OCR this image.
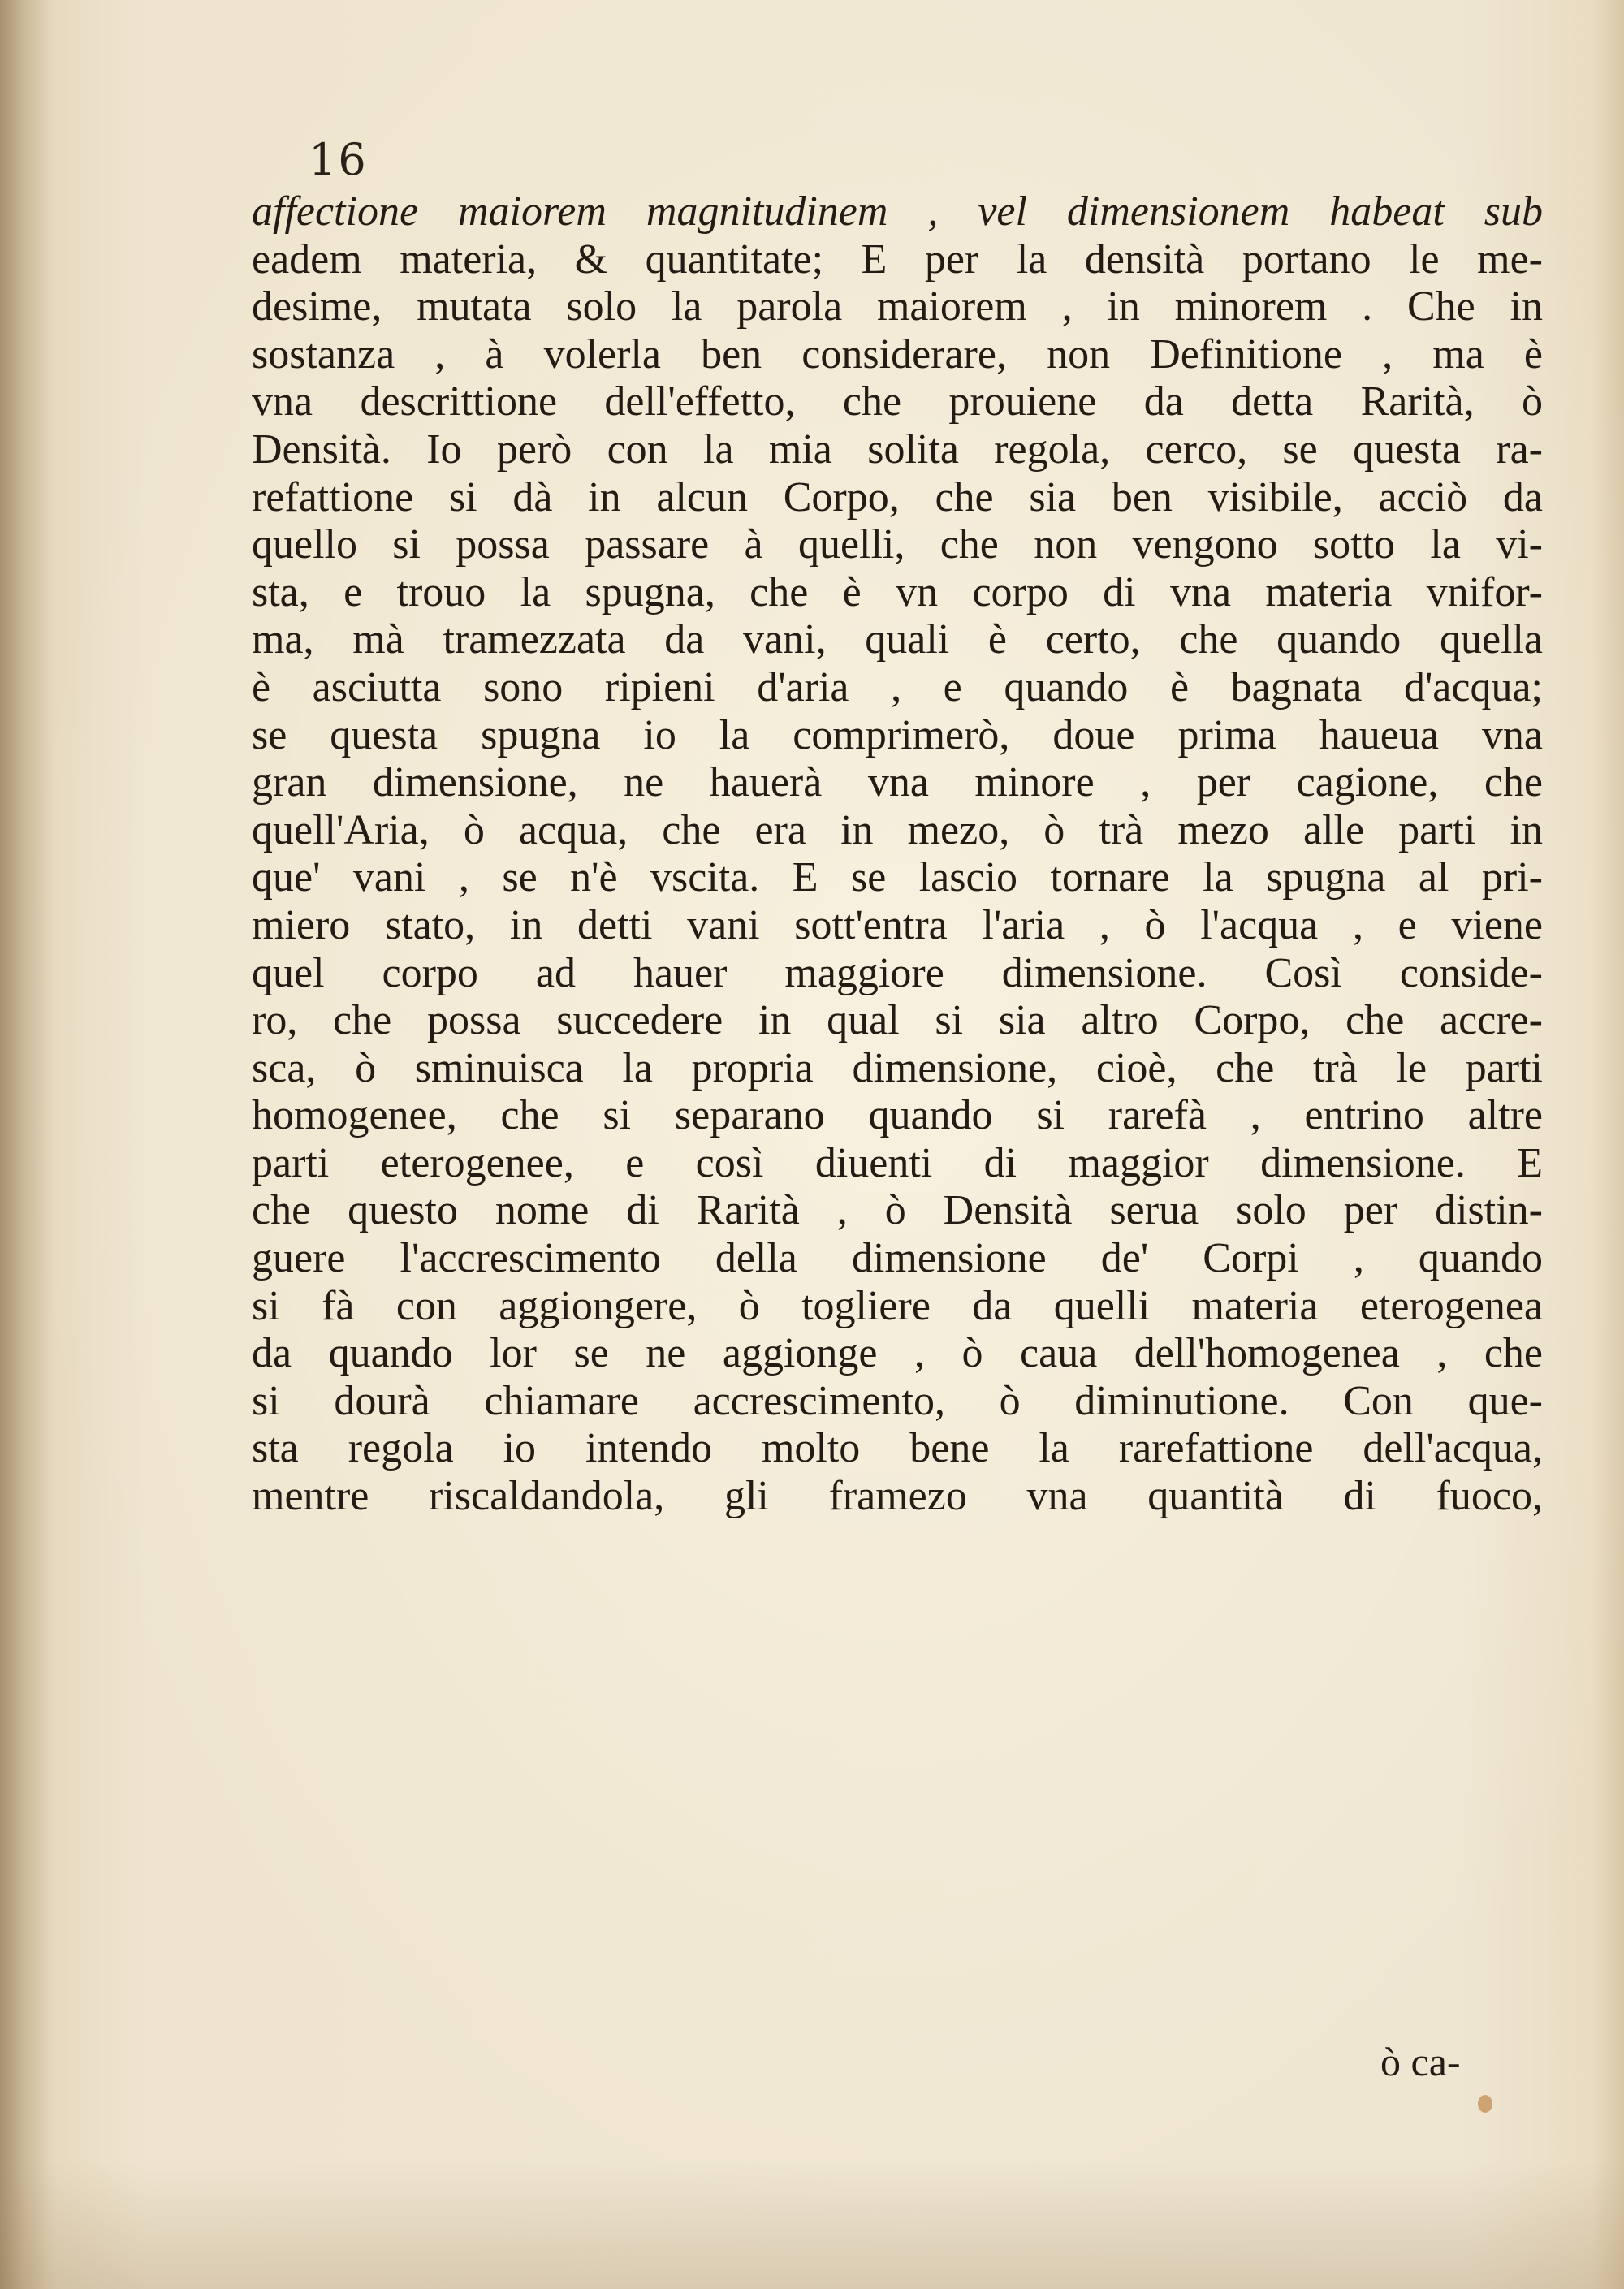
16
affectione maiorem magnitudinem , vel dimensionem habeat sub
eadem materia, & quantitate; E per la densità portano le me-
desime, mutata solo la parola maiorem , in minorem . Che in
sostanza , à volerla ben considerare, non Definitione , ma è
vna descrittione dell'effetto, che prouiene da detta Rarità, ò
Densità. Io però con la mia solita regola, cerco, se questa ra-
refattione si dà in alcun Corpo, che sia ben visibile, acciò da
quello si possa passare à quelli, che non vengono sotto la vi-
sta, e trouo la spugna, che è vn corpo di vna materia vnifor-
ma, mà tramezzata da vani, quali è certo, che quando quella
è asciutta sono ripieni d'aria , e quando è bagnata d'acqua;
se questa spugna io la comprimerò, doue prima haueua vna
gran dimensione, ne hauerà vna minore , per cagione, che
quell'Aria, ò acqua, che era in mezo, ò trà mezo alle parti in
que' vani , se n'è vscita. E se lascio tornare la spugna al pri-
miero stato, in detti vani sott'entra l'aria , ò l'acqua , e viene
quel corpo ad hauer maggiore dimensione. Così conside-
ro, che possa succedere in qual si sia altro Corpo, che accre-
sca, ò sminuisca la propria dimensione, cioè, che trà le parti
homogenee, che si separano quando si rarefà , entrino altre
parti eterogenee, e così diuenti di maggior dimensione. E
che questo nome di Rarità , ò Densità serua solo per distin-
guere l'accrescimento della dimensione de' Corpi , quando
si fà con aggiongere, ò togliere da quelli materia eterogenea
da quando lor se ne aggionge , ò caua dell'homogenea , che
si dourà chiamare accrescimento, ò diminutione. Con que-
sta regola io intendo molto bene la rarefattione dell'acqua,
mentre riscaldandola, gli framezo vna quantità di fuoco,
ò ca-
